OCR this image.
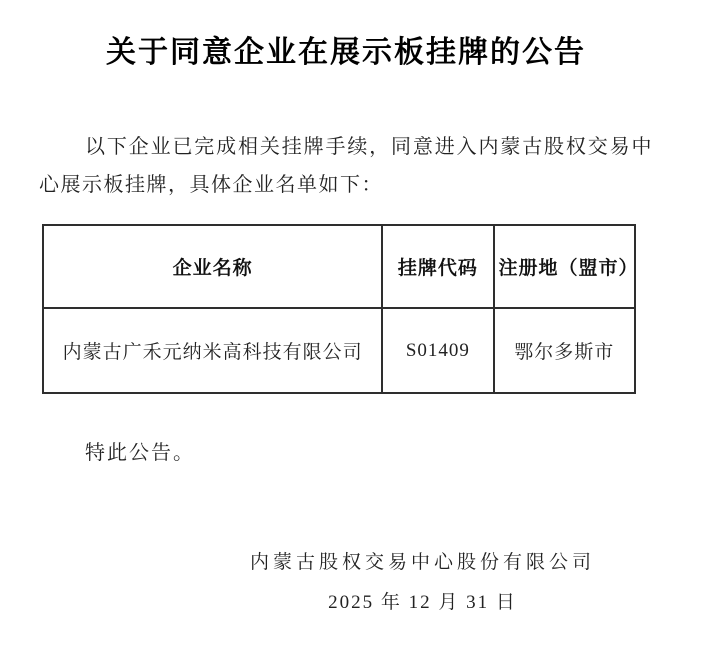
关于同意企业在展示板挂牌的公告

以下企业已完成相关挂牌手续，同意进入内蒙古股权交易中心展示板挂牌，具体企业名单如下：

企业名称	挂牌代码	注册地（盟市）
内蒙古广禾元纳米高科技有限公司	S01409	鄂尔多斯市

特此公告。

内蒙古股权交易中心股份有限公司
2025 年 12 月 31 日
